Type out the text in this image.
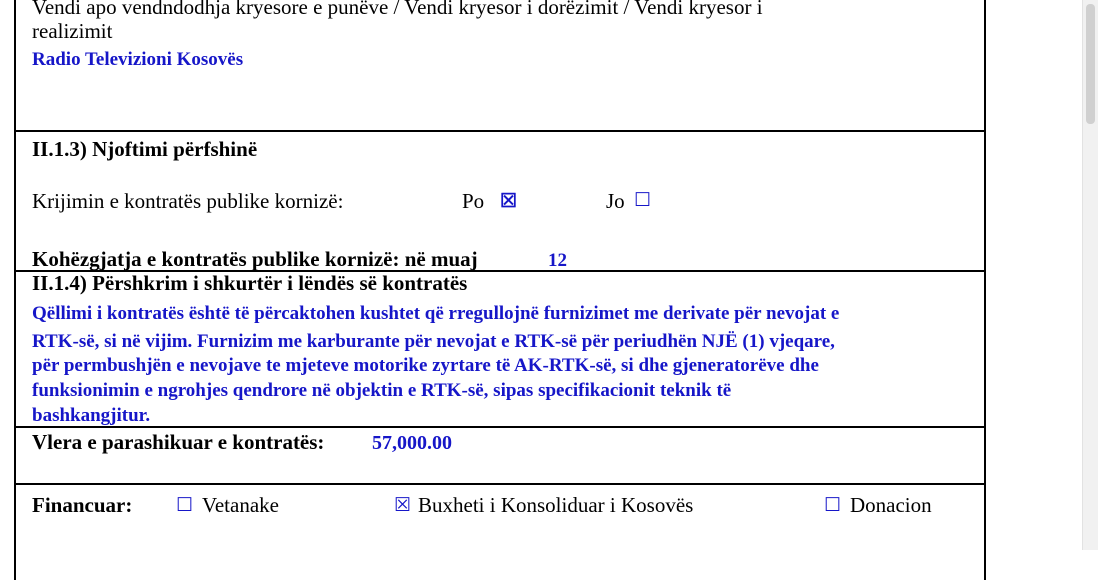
Vendi apo vendndodhja kryesore e punëve / Vendi kryesor i dorëzimit / Vendi kryesor i
realizimit
Radio Televizioni Kosovës
II.1.3) Njoftimi përfshinë
Krijimin e kontratës publike kornizë:	Po ☒	Jo ☐
Kohëzgjatja e kontratës publike kornizë: në muaj	12
II.1.4) Përshkrim i shkurtër i lëndës së kontratës
Qëllimi i kontratës është të përcaktohen kushtet që rregullojnë furnizimet me derivate për nevojat e
RTK-së, si në vijim. Furnizim me karburante për nevojat e RTK-së për periudhën NJË (1) vjeqare,
për permbushjën e nevojave te mjeteve motorike zyrtare të AK-RTK-së, si dhe gjeneratorëve dhe
funksionimin e ngrohjes qendrore në objektin e RTK-së, sipas specifikacionit teknik të
bashkangjitur.
Vlera e parashikuar e kontratës: 57,000.00
Financuar: ☐ Vetanake	☒ Buxheti i Konsoliduar i Kosovës	☐ Donacion
